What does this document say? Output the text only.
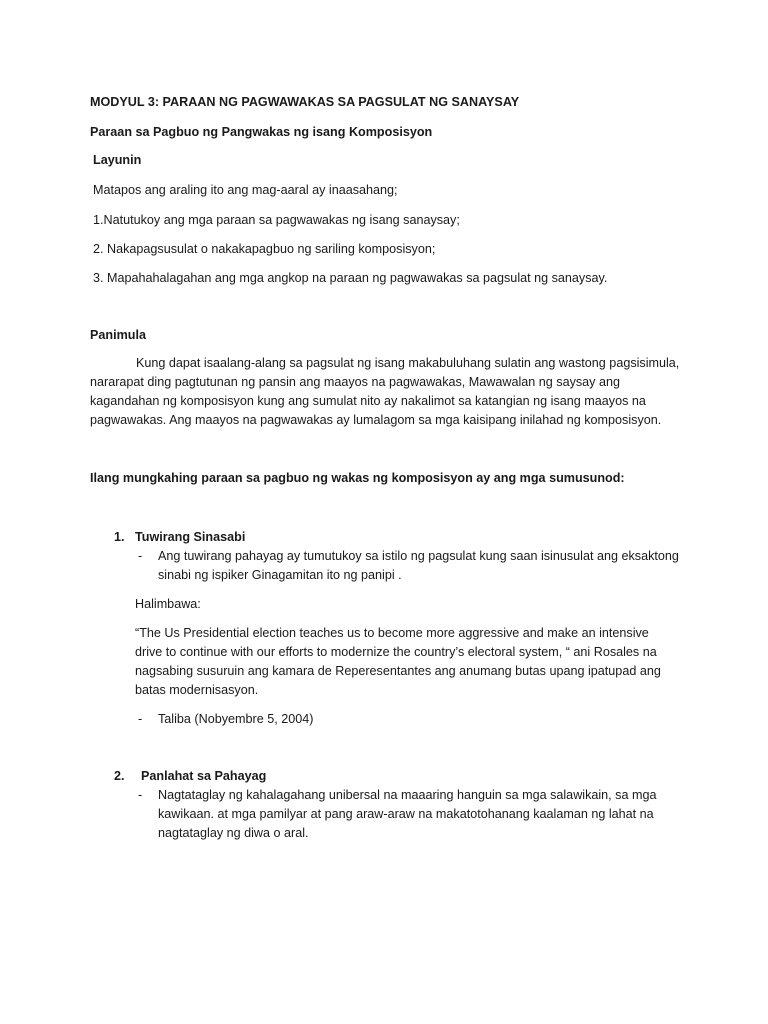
MODYUL 3: PARAAN NG PAGWAWAKAS SA PAGSULAT NG SANAYSAY
Paraan sa Pagbuo ng Pangwakas ng isang Komposisyon
Layunin
Matapos ang araling ito ang mag-aaral ay inaasahang;
1.Natutukoy ang mga paraan sa pagwawakas ng isang sanaysay;
2. Nakapagsusulat o nakakapagbuo ng sariling komposisyon;
3. Mapahahalagahan ang mga angkop na paraan ng pagwawakas sa pagsulat ng sanaysay.
Panimula
Kung dapat isaalang-alang sa pagsulat ng isang makabuluhang sulatin ang wastong pagsisimula, nararapat ding pagtutunan ng pansin ang maayos na pagwawakas, Mawawalan ng saysay ang kagandahan ng komposisyon kung ang sumulat nito ay nakalimot sa katangian ng isang maayos na pagwawakas. Ang maayos na pagwawakas ay lumalagom sa mga kaisipang inilahad ng komposisyon.
Ilang mungkahing paraan sa pagbuo ng wakas ng komposisyon ay ang mga sumusunod:
1. Tuwirang Sinasabi
- Ang tuwirang pahayag ay tumutukoy sa istilo ng pagsulat kung saan isinusulat ang eksaktong sinabi ng ispiker Ginagamitan ito ng panipi .
Halimbawa:
“The Us Presidential election teaches us to become more aggressive and make an intensive drive to continue with our efforts to modernize the country’s electoral system, “ ani Rosales na nagsabing susuruin ang kamara de Reperesentantes ang anumang butas upang ipatupad ang batas modernisasyon.
- Taliba (Nobyembre 5, 2004)
2. Panlahat sa Pahayag
- Nagtataglay ng kahalagahang unibersal na maaaring hanguin sa mga salawikain, sa mga kawikaan. at mga pamilyar at pang araw-araw na makatotohanang kaalaman ng lahat na nagtataglay ng diwa o aral.
